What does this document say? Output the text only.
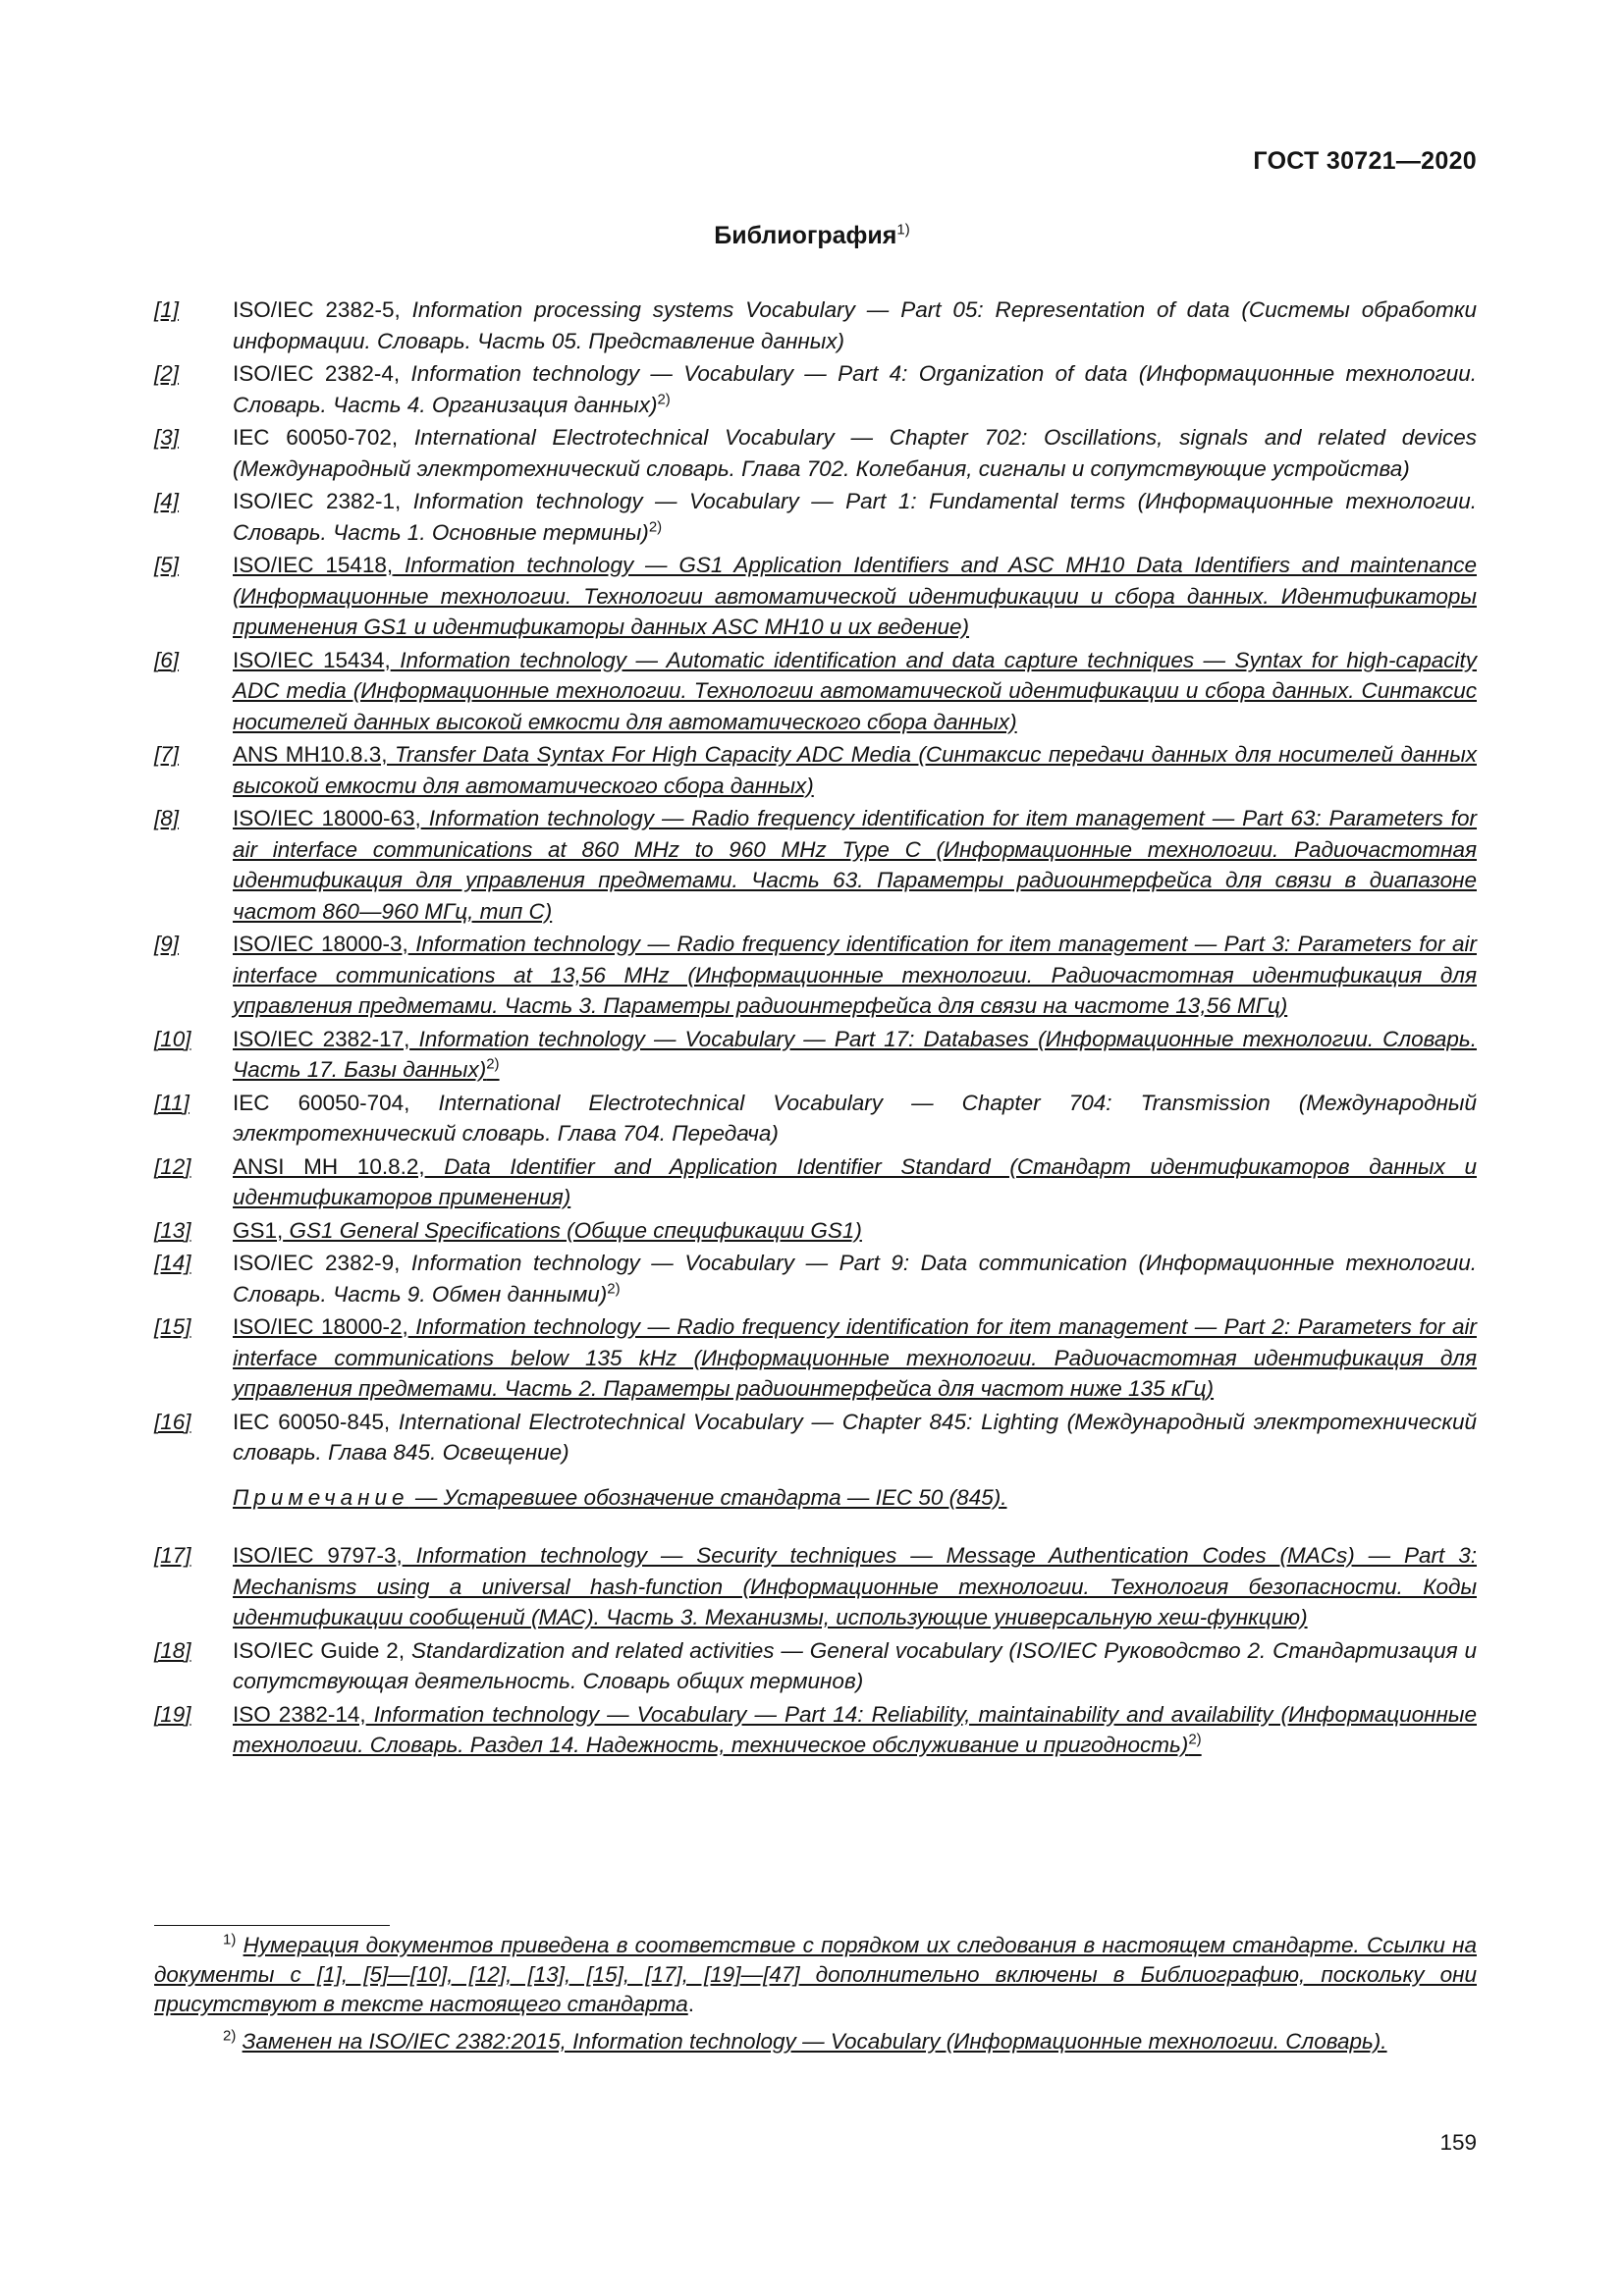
ГОСТ 30721—2020
Библиография$^{1)}$
[1]	ISO/IEC 2382-5, Information processing systems Vocabulary — Part 05: Representation of data (Системы обработки информации. Словарь. Часть 05. Представление данных)
[2]	ISO/IEC 2382-4, Information technology — Vocabulary — Part 4: Organization of data (Информационные технологии. Словарь. Часть 4. Организация данных)$^{2)}$
[3]	IEC 60050-702, International Electrotechnical Vocabulary — Chapter 702: Oscillations, signals and related devices (Международный электротехнический словарь. Глава 702. Колебания, сигналы и сопутствующие устройства)
[4]	ISO/IEC 2382-1, Information technology — Vocabulary — Part 1: Fundamental terms (Информационные технологии. Словарь. Часть 1. Основные термины)$^{2)}$
[5]	ISO/IEC 15418, Information technology — GS1 Application Identifiers and ASC MH10 Data Identifiers and maintenance (Информационные технологии. Технологии автоматической идентификации и сбора данных. Идентификаторы применения GS1 и идентификаторы данных ASC MH10 и их ведение)
[6]	ISO/IEC 15434, Information technology — Automatic identification and data capture techniques — Syntax for high-capacity ADC media (Информационные технологии. Технологии автоматической идентификации и сбора данных. Синтаксис носителей данных высокой емкости для автоматического сбора данных)
[7]	ANS MH10.8.3, Transfer Data Syntax For High Capacity ADC Media (Синтаксис передачи данных для носителей данных высокой емкости для автоматического сбора данных)
[8]	ISO/IEC 18000-63, Information technology — Radio frequency identification for item management — Part 63: Parameters for air interface communications at 860 MHz to 960 MHz Type C (Информационные технологии. Радиочастотная идентификация для управления предметами. Часть 63. Параметры радиоинтерфейса для связи в диапазоне частот 860—960 МГц, тип С)
[9]	ISO/IEC 18000-3, Information technology — Radio frequency identification for item management — Part 3: Parameters for air interface communications at 13,56 MHz (Информационные технологии. Радиочастотная идентификация для управления предметами. Часть 3. Параметры радиоинтерфейса для связи на частоте 13,56 МГц)
[10]	ISO/IEC 2382-17, Information technology — Vocabulary — Part 17: Databases (Информационные технологии. Словарь. Часть 17. Базы данных)$^{2)}$
[11]	IEC 60050-704, International Electrotechnical Vocabulary — Chapter 704: Transmission (Международный электротехнический словарь. Глава 704. Передача)
[12]	ANSI MH 10.8.2, Data Identifier and Application Identifier Standard (Стандарт идентификаторов данных и идентификаторов применения)
[13]	GS1, GS1 General Specifications (Общие спецификации GS1)
[14]	ISO/IEC 2382-9, Information technology — Vocabulary — Part 9: Data communication (Информационные технологии. Словарь. Часть 9. Обмен данными)$^{2)}$
[15]	ISO/IEC 18000-2, Information technology — Radio frequency identification for item management — Part 2: Parameters for air interface communications below 135 kHz (Информационные технологии. Радиочастотная идентификация для управления предметами. Часть 2. Параметры радиоинтерфейса для частот ниже 135 кГц)
[16]	IEC 60050-845, International Electrotechnical Vocabulary — Chapter 845: Lighting (Международный электротехнический словарь. Глава 845. Освещение)
Примечание — Устаревшее обозначение стандарта — IEC 50 (845).
[17]	ISO/IEC 9797-3, Information technology — Security techniques — Message Authentication Codes (MACs) — Part 3: Mechanisms using a universal hash-function (Информационные технологии. Технология безопасности. Коды идентификации сообщений (МАС). Часть 3. Механизмы, использующие универсальную хеш-функцию)
[18]	ISO/IEC Guide 2, Standardization and related activities — General vocabulary (ISO/IEC Руководство 2. Стандартизация и сопутствующая деятельность. Словарь общих терминов)
[19]	ISO 2382-14, Information technology — Vocabulary — Part 14: Reliability, maintainability and availability (Информационные технологии. Словарь. Раздел 14. Надежность, техническое обслуживание и пригодность)$^{2)}$
$^{1)}$ Нумерация документов приведена в соответствие с порядком их следования в настоящем стандарте. Ссылки на документы с [1], [5]—[10], [12], [13], [15], [17], [19]—[47] дополнительно включены в Библиографию, поскольку они присутствуют в тексте настоящего стандарта.
$^{2)}$ Заменен на ISO/IEC 2382:2015, Information technology — Vocabulary (Информационные технологии. Словарь).
159
